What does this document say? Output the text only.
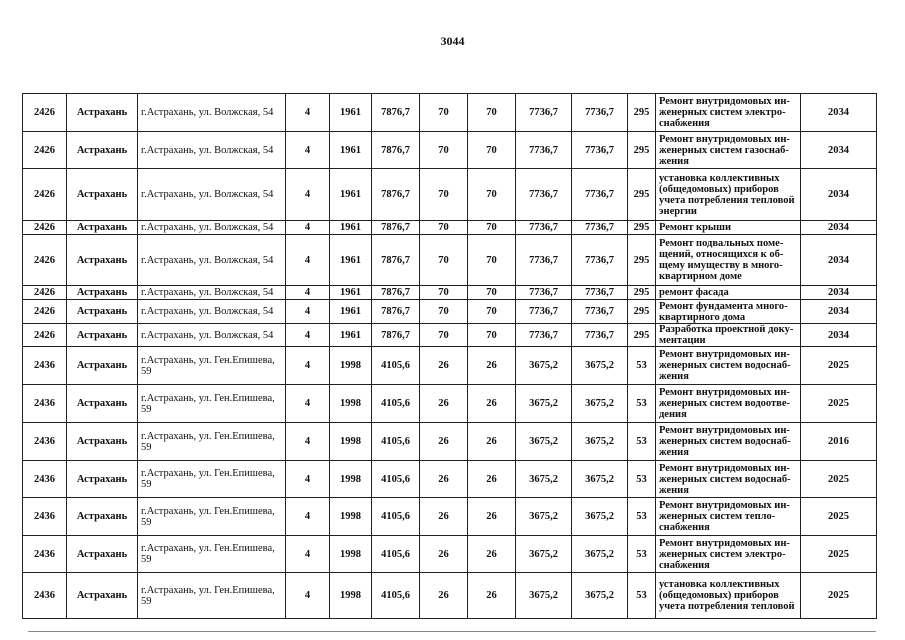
3044
2426	Астрахань	г.Астрахань, ул. Волжская, 54	4	1961	7876,7	70	70	7736,7	7736,7	295	Ремонт внутридомовых ин-
женерных систем электро-
снабжения	2034
2426	Астрахань	г.Астрахань, ул. Волжская, 54	4	1961	7876,7	70	70	7736,7	7736,7	295	Ремонт внутридомовых ин-
женерных систем газоснаб-
жения	2034
2426	Астрахань	г.Астрахань, ул. Волжская, 54	4	1961	7876,7	70	70	7736,7	7736,7	295	установка коллективных
(общедомовых) приборов
учета потребления тепловой
энергии	2034
2426	Астрахань	г.Астрахань, ул. Волжская, 54	4	1961	7876,7	70	70	7736,7	7736,7	295	Ремонт крыши	2034
2426	Астрахань	г.Астрахань, ул. Волжская, 54	4	1961	7876,7	70	70	7736,7	7736,7	295	Ремонт подвальных поме-
щений, относящихся к об-
щему имуществу в много-
квартирном доме	2034
2426	Астрахань	г.Астрахань, ул. Волжская, 54	4	1961	7876,7	70	70	7736,7	7736,7	295	ремонт фасада	2034
2426	Астрахань	г.Астрахань, ул. Волжская, 54	4	1961	7876,7	70	70	7736,7	7736,7	295	Ремонт фундамента много-
квартирного дома	2034
2426	Астрахань	г.Астрахань, ул. Волжская, 54	4	1961	7876,7	70	70	7736,7	7736,7	295	Разработка проектной доку-
ментации	2034
2436	Астрахань	г.Астрахань, ул. Ген.Епишева,
59	4	1998	4105,6	26	26	3675,2	3675,2	53	Ремонт внутридомовых ин-
женерных систем водоснаб-
жения	2025
2436	Астрахань	г.Астрахань, ул. Ген.Епишева,
59	4	1998	4105,6	26	26	3675,2	3675,2	53	Ремонт внутридомовых ин-
женерных систем водоотве-
дения	2025
2436	Астрахань	г.Астрахань, ул. Ген.Епишева,
59	4	1998	4105,6	26	26	3675,2	3675,2	53	Ремонт внутридомовых ин-
женерных систем водоснаб-
жения	2016
2436	Астрахань	г.Астрахань, ул. Ген.Епишева,
59	4	1998	4105,6	26	26	3675,2	3675,2	53	Ремонт внутридомовых ин-
женерных систем водоснаб-
жения	2025
2436	Астрахань	г.Астрахань, ул. Ген.Епишева,
59	4	1998	4105,6	26	26	3675,2	3675,2	53	Ремонт внутридомовых ин-
женерных систем тепло-
снабжения	2025
2436	Астрахань	г.Астрахань, ул. Ген.Епишева,
59	4	1998	4105,6	26	26	3675,2	3675,2	53	Ремонт внутридомовых ин-
женерных систем электро-
снабжения	2025
2436	Астрахань	г.Астрахань, ул. Ген.Епишева,
59	4	1998	4105,6	26	26	3675,2	3675,2	53	установка коллективных
(общедомовых) приборов
учета потребления тепловой	2025
